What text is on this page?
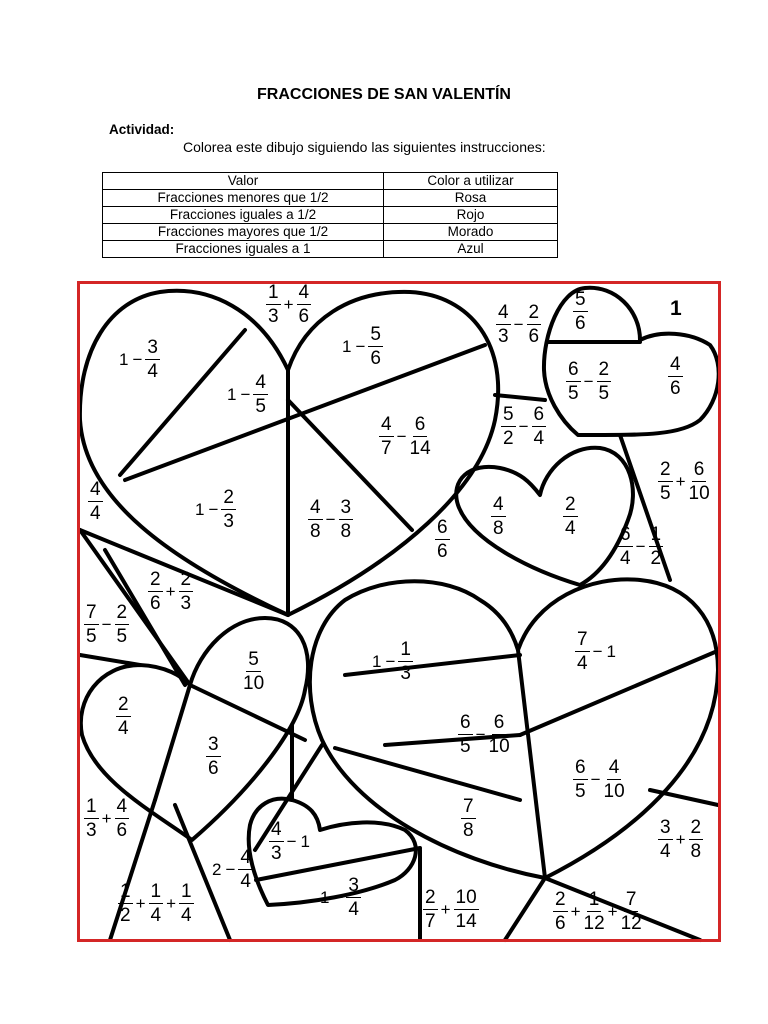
FRACCIONES DE SAN VALENTÍN
Actividad:
Colorea este dibujo siguiendo las siguientes instrucciones:
Valor	Color a utilizar
Fracciones menores que 1/2	Rosa
Fracciones iguales a 1/2	Rojo
Fracciones mayores que 1/2	Morado
Fracciones iguales a 1	Azul
1
$\frac{1}{3} + \frac{4}{6}$
$1 - \frac{3}{4}$	$1 - \frac{5}{6}$
$1 - \frac{4}{5}$
$\frac{4}{3} - \frac{2}{6} \frac{5}{6}$
$\frac{6}{5} - \frac{2}{5}$	$\frac{4}{6}$
$\frac{4}{7} - \frac{6}{14}$	$\frac{5}{2} - \frac{6}{4}$
$\frac{4}{4}$	$1 - \frac{2}{3}$	$\frac{4}{8} - \frac{3}{8}$	$\frac{6}{6}$
$\frac{4}{8}$	$\frac{2}{4}$
$\frac{2}{5} + \frac{6}{10}$
$\frac{6}{4} - \frac{1}{2}$
$\frac{2}{6} + \frac{2}{3}$
$\frac{7}{5} - \frac{2}{5}$
$\frac{5}{10}$	$1 - \frac{1}{3}$	$\frac{7}{4} - 1$
$\frac{2}{4}$
$\frac{3}{6}$
$\frac{6}{5} - \frac{6}{10}$
$\frac{6}{5} - \frac{4}{10}$
$\frac{1}{3} + \frac{4}{6}$	$\frac{7}{8}$
$\frac{4}{3} - 1$	$\frac{3}{4} + \frac{2}{8}$
$2 - \frac{4}{4}$
$1 - \frac{3}{4}$
$\frac{1}{2} + \frac{1}{4} + \frac{1}{4}$	$\frac{2}{7} + \frac{10}{14}$	$\frac{2}{6} + \frac{1}{12} + \frac{7}{12}$
